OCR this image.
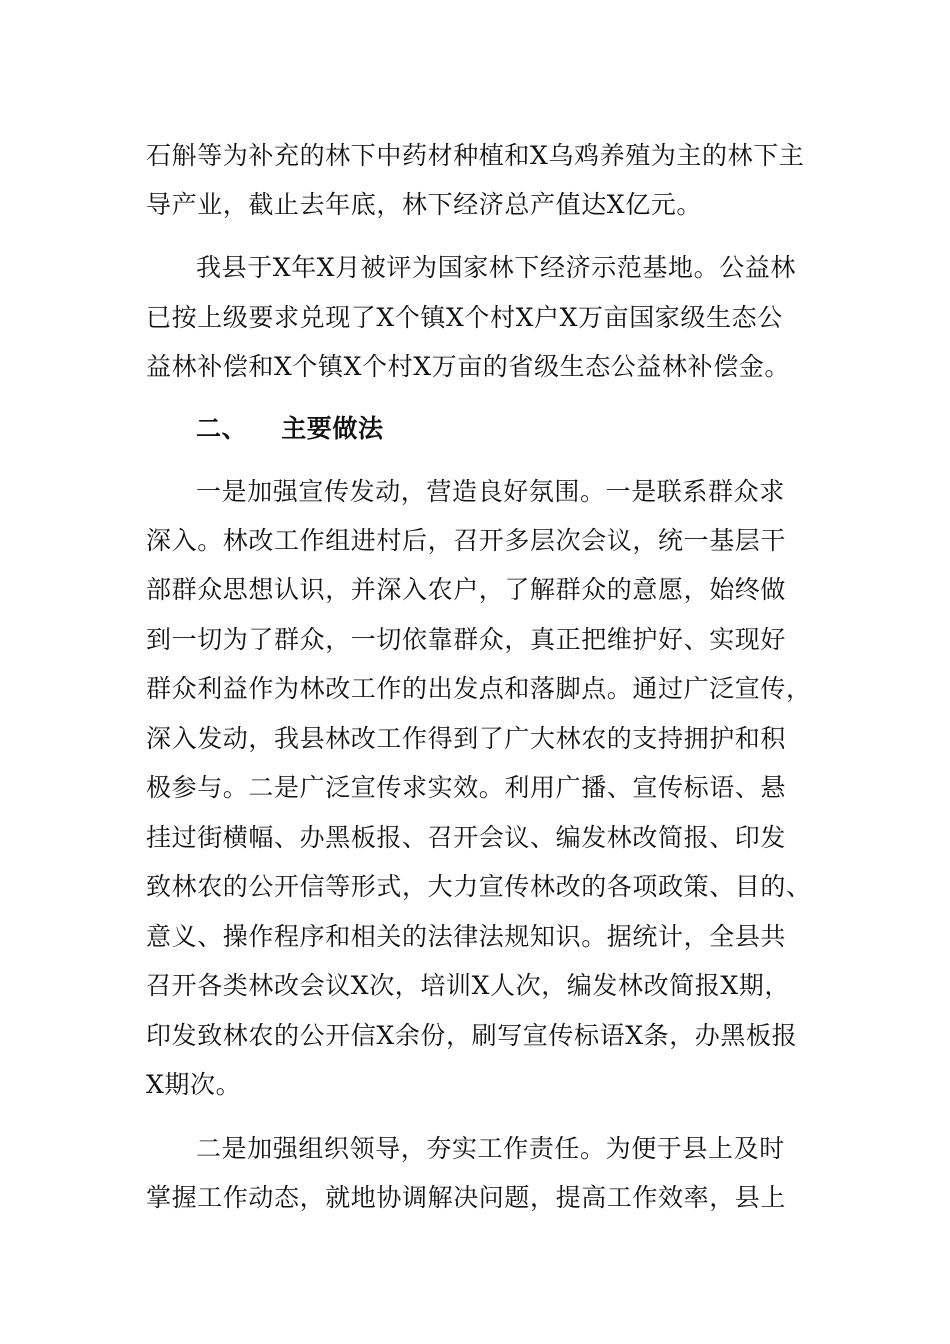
石斛等为补充的林下中药材种植和X乌鸡养殖为主的林下主
导产业，截止去年底，林下经济总产值达X亿元。
我县于X年X月被评为国家林下经济示范基地。公益林
已按上级要求兑现了X个镇X个村X户X万亩国家级生态公
益林补偿和X个镇X个村X万亩的省级生态公益林补偿金。
二、 主要做法
一是加强宣传发动，营造良好氛围。一是联系群众求
深入。林改工作组进村后，召开多层次会议，统一基层干
部群众思想认识，并深入农户，了解群众的意愿，始终做
到一切为了群众，一切依靠群众，真正把维护好、实现好
群众利益作为林改工作的出发点和落脚点。通过广泛宣传，
深入发动，我县林改工作得到了广大林农的支持拥护和积
极参与。二是广泛宣传求实效。利用广播、宣传标语、悬
挂过街横幅、办黑板报、召开会议、编发林改简报、印发
致林农的公开信等形式，大力宣传林改的各项政策、目的、
意义、操作程序和相关的法律法规知识。据统计，全县共
召开各类林改会议X次，培训X人次，编发林改简报X期，
印发致林农的公开信X余份，刷写宣传标语X条，办黑板报
X期次。
二是加强组织领导，夯实工作责任。为便于县上及时
掌握工作动态，就地协调解决问题，提高工作效率，县上
